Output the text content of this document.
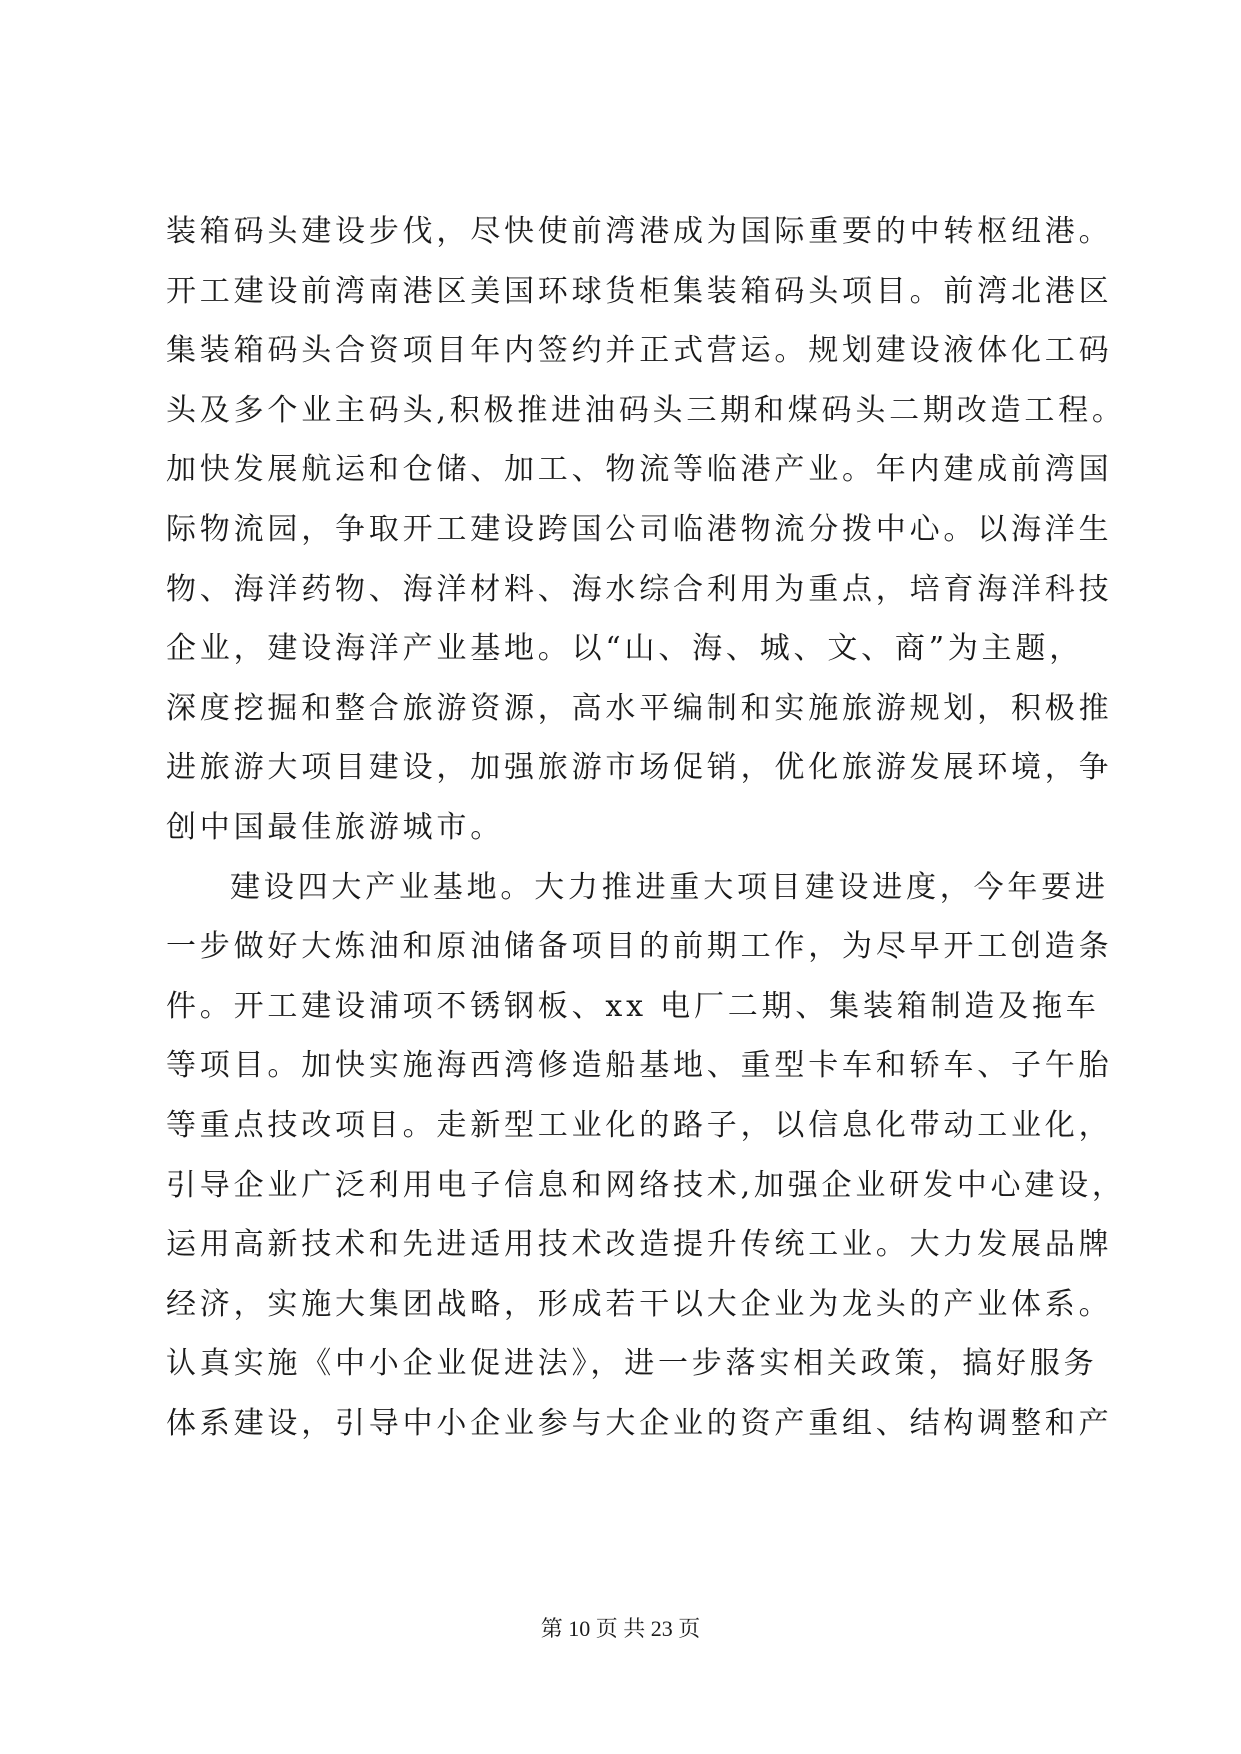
装箱码头建设步伐，尽快使前湾港成为国际重要的中转枢纽港。
开工建设前湾南港区美国环球货柜集装箱码头项目。前湾北港区
集装箱码头合资项目年内签约并正式营运。规划建设液体化工码
头及多个业主码头,积极推进油码头三期和煤码头二期改造工程。
加快发展航运和仓储、加工、物流等临港产业。年内建成前湾国
际物流园，争取开工建设跨国公司临港物流分拨中心。以海洋生
物、海洋药物、海洋材料、海水综合利用为重点，培育海洋科技
企业，建设海洋产业基地。以“山、海、城、文、商”为主题，
深度挖掘和整合旅游资源，高水平编制和实施旅游规划，积极推
进旅游大项目建设，加强旅游市场促销，优化旅游发展环境，争
创中国最佳旅游城市。
建设四大产业基地。大力推进重大项目建设进度，今年要进
一步做好大炼油和原油储备项目的前期工作，为尽早开工创造条
件。开工建设浦项不锈钢板、xx 电厂二期、集装箱制造及拖车
等项目。加快实施海西湾修造船基地、重型卡车和轿车、子午胎
等重点技改项目。走新型工业化的路子，以信息化带动工业化，
引导企业广泛利用电子信息和网络技术,加强企业研发中心建设，
运用高新技术和先进适用技术改造提升传统工业。大力发展品牌
经济，实施大集团战略，形成若干以大企业为龙头的产业体系。
认真实施《中小企业促进法》，进一步落实相关政策，搞好服务
体系建设，引导中小企业参与大企业的资产重组、结构调整和产
第 10 页 共 23 页
